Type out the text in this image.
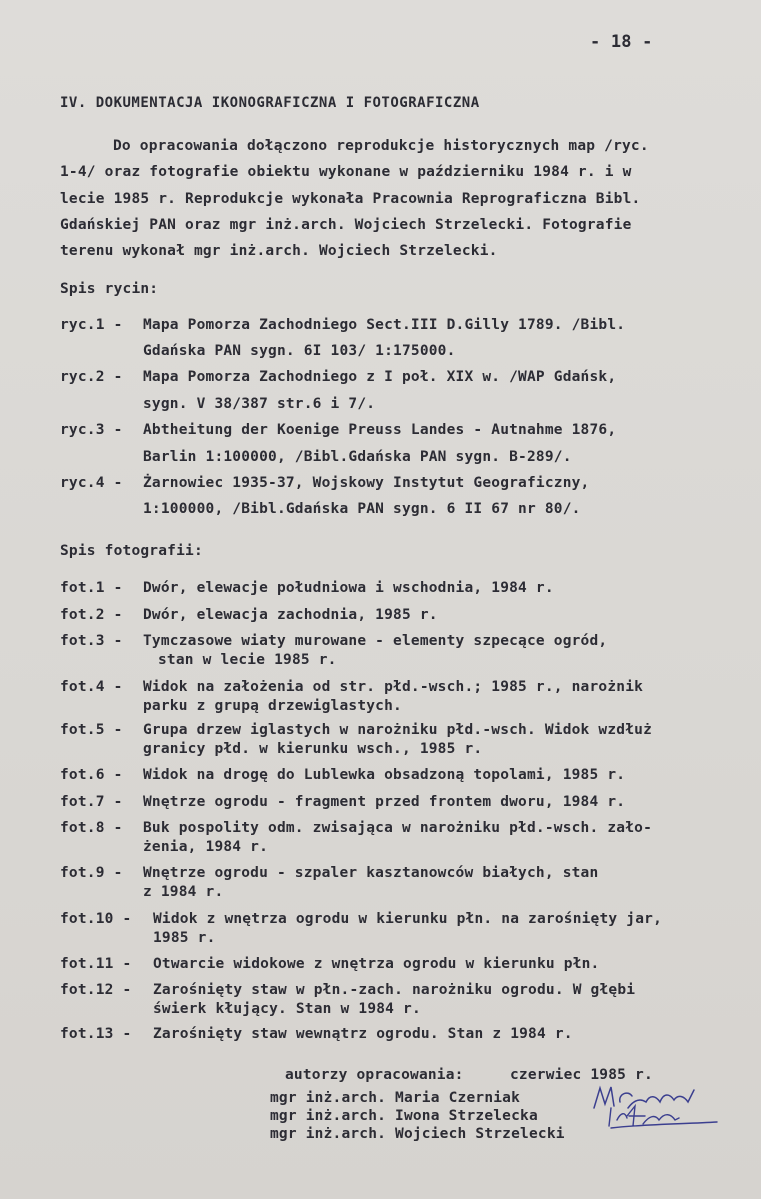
- 18 -
IV. DOKUMENTACJA IKONOGRAFICZNA I FOTOGRAFICZNA
Do opracowania dołączono reprodukcje historycznych map /ryc.
1-4/ oraz fotografie obiektu wykonane w październiku 1984 r. i w
lecie 1985 r. Reprodukcje wykonała Pracownia Reprograficzna Bibl.
Gdańskiej PAN oraz mgr inż.arch. Wojciech Strzelecki. Fotografie
terenu wykonał mgr inż.arch. Wojciech Strzelecki.
Spis rycin:
ryc.1 - Mapa Pomorza Zachodniego Sect.III D.Gilly 1789. /Bibl.
Gdańska PAN sygn. 6I 103/ 1:175000.
ryc.2 - Mapa Pomorza Zachodniego z I poł. XIX w. /WAP Gdańsk,
sygn. V 38/387 str.6 i 7/.
ryc.3 - Abtheitung der Koenige Preuss Landes - Autnahme 1876,
Barlin 1:100000, /Bibl.Gdańska PAN sygn. B-289/.
ryc.4 - Żarnowiec 1935-37, Wojskowy Instytut Geograficzny,
1:100000, /Bibl.Gdańska PAN sygn. 6 II 67 nr 80/.
Spis fotografii:
fot.1 - Dwór, elewacje południowa i wschodnia, 1984 r.
fot.2 - Dwór, elewacja zachodnia, 1985 r.
fot.3 - Tymczasowe wiaty murowane - elementy szpecące ogród,
stan w lecie 1985 r.
fot.4 - Widok na założenia od str. płd.-wsch.; 1985 r., narożnik
parku z grupą drzewiglastych.
fot.5 - Grupa drzew iglastych w narożniku płd.-wsch. Widok wzdłuż
granicy płd. w kierunku wsch., 1985 r.
fot.6 - Widok na drogę do Lublewka obsadzoną topolami, 1985 r.
fot.7 - Wnętrze ogrodu - fragment przed frontem dworu, 1984 r.
fot.8 - Buk pospolity odm. zwisająca w narożniku płd.-wsch. zało-
żenia, 1984 r.
fot.9 - Wnętrze ogrodu - szpaler kasztanowców białych, stan
z 1984 r.
fot.10 - Widok z wnętrza ogrodu w kierunku płn. na zarośnięty jar,
1985 r.
fot.11 - Otwarcie widokowe z wnętrza ogrodu w kierunku płn.
fot.12 - Zarośnięty staw w płn.-zach. narożniku ogrodu. W głębi
świerk kłujący. Stan w 1984 r.
fot.13 - Zarośnięty staw wewnątrz ogrodu. Stan z 1984 r.
autorzy opracowania:	czerwiec 1985 r.
mgr inż.arch. Maria Czerniak
mgr inż.arch. Iwona Strzelecka
mgr inż.arch. Wojciech Strzelecki
